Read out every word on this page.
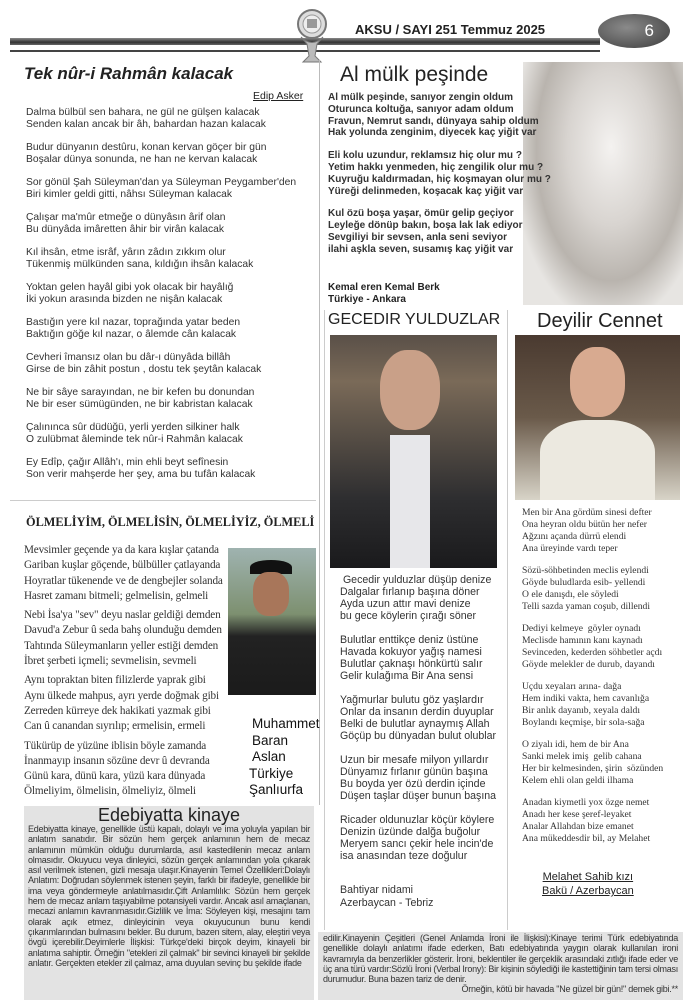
AKSU / SAYI 251 Temmuz 2025	6
Tek nûr-i Rahmân kalacak
Edip Asker
Dalma bülbül sen bahara, ne gül ne gülşen kalacak
Senden kalan ancak bir âh, bahardan hazan kalacak
Budur dünyanın destûru, konan kervan göçer bir gün
Boşalar dünya sonunda, ne han ne kervan kalacak
Sor gönül Şah Süleyman'dan ya Süleyman Peygamber'den
Biri kimler geldi gitti, nâhsı Süleyman kalacak
Çalışar ma'mûr etmeğe o dünyâsın ârif olan
Bu dünyâda imâretten âhir bir virân kalacak
Kıl ihsân, etme isrâf, yârın zâdın zıkkım olur
Tükenmiş mülkünden sana, kıldığın ihsân kalacak
Yoktan gelen hayâl gibi yok olacak bir hayâlığ
İki yokun arasında bizden ne nişân kalacak
Bastığın yere kıl nazar, toprağında yatar beden
Baktığın göğe kıl nazar, o âlemde cân kalacak
Cevheri îmansız olan bu dâr-ı dünyâda billâh
Girse de bin zâhit postun , dostu tek şeytân kalacak
Ne bir sâye sarayından, ne bir kefen bu donundan
Ne bir eser sümügünden, ne bir kabristan kalacak
Çalınınca sûr düdüğü, yerli yerden silkiner halk
O zulübmat âleminde tek nûr-i Rahmân kalacak
Ey Edîp, çağır Allâh'ı, min ehli beyt sefînesin
Son verir mahşerde her şey, ama bu tufân kalacak
Al mülk peşinde
Al mülk peşinde, sanıyor zengin oldum
Oturunca koltuğa, sanıyor adam oldum
Fravun, Nemrut sandı, dünyaya sahip oldum
Hak yolunda zenginim, diyecek kaç yiğit var
Eli kolu uzundur, reklamsız hiç olur mu ?
Yetim hakkı yenmeden, hiç zengilik olur mu ?
Kuyruğu kaldırmadan, hiç koşmayan olur mu ?
Yüreği delinmeden, koşacak kaç yiğit var
Kul özü boşa yaşar, ömür gelip geçiyor
Leyleğe dönüp bakın, boşa lak lak ediyor
Sevgiliyi bir sevsen, anla seni seviyor
ilahi aşkla seven, susamış kaç yiğit var
Kemal eren Kemal Berk
Türkiye - Ankara
GECEDIR YULDUZLAR
Gecedir yulduzlar düşüp denize
Dalgalar fırlanıp başına döner
Ayda uzun attır mavi denize
bu gece köylerin çırağı söner
Bulutlar enttikçe deniz üstüne
Havada kokuyor yağış namesi
Bulutlar çaknaşı hönkürtü salır
Gelir kulağıma Bir Ana sensi
Yağmurlar bulutu göz yaşlardır
Onlar da insanın derdin duyuplar
Belki de bulutlar aynaymış Allah
Göçüp bu dünyadan bulut olublar
Uzun bir mesafe milyon yıllardır
Dünyamız fırlanır günün başına
Bu boyda yer özü derdin içinde
Düşen taşlar düşer bunun başına
Ricader oldunuzlar köçür köylere
Denizin üzünde dalğa buğolur
Meryem sancı çekir hele incin'de
isa anasından teze doğulur
Bahtiyar nidami
Azerbaycan - Tebriz
Deyilir Cennet
Men bir Ana gördüm sinesi defter
Ona heyran oldu bütün her nefer
Ağzını açanda dürrü elendi
Ana üreyinde vardı teper
Sözü-söhbetinden meclis eylendi
Göyde buludlarda esib- yellendi
O ele danışdı, ele söyledi
Telli sazda yaman coşub, dillendi
Dediyi kelmeye  göyler oynadı
Meclisde hamının kanı kaynadı
Sevinceden, kederden söhbetler açdı
Göyde melekler de durub, dayandı
Uçdu xeyaları arına- dağa
Hem indiki vakta, hem cavanlığa
Bir anlık dayanıb, xeyala daldı
Boylandı keçmişe, bir sola-sağa
O ziyalı idi, hem de bir Ana
Sanki melek imiş  gelib cahana
Her bir kelmesinden, şirin  sözünden
Kelem ehli olan geldi ilhama
Anadan kiymetli yox özge nemet
Anadı her kese şeref-leyaket
Analar Allahdan bize emanet
Ana mükeddesdir bil, ay Melahet
Melahet Sahib kızı
Bakü / Azerbaycan
ÖLMELİYİM, ÖLMELİSİN, ÖLMELİYİZ, ÖLMELİ
Mevsimler geçende ya da kara kışlar çatanda
Gariban kuşlar göçende, bülbüller çatlayanda
Hoyratlar tükenende ve de dengbejler solanda
Hasret zamanı bitmeli; gelmelisin, gelmeli
Nebi İsa'ya "sev" deyu naslar geldiği demden
Davud'a Zebur û seda bahş olunduğu demden
Tahtında Süleymanların yeller estiği demden
İbret şerbeti içmeli; sevmelisin, sevmeli
Aynı topraktan biten filizlerde yaprak gibi
Aynı ülkede mahpus, ayrı yerde doğmak gibi
Zerreden kürreye dek hakikati yazmak gibi
Can û canandan sıyrılıp; ermelisin, ermeli
Tükürüp de yüzüne iblisin böyle zamanda
İnanmayıp insanın sözüne devr û devranda
Günü kara, dünü kara, yüzü kara dünyada
Ölmeliyim, ölmelisin, ölmeliyiz, ölmeli
Muhammet
Baran
Aslan
Türkiye
Şanlıurfa
Edebiyatta kinaye
Edebiyatta kinaye, genellikle üstü kapalı, dolaylı ve ima yoluyla yapılan bir anlatım sanatıdır. Bir sözün hem gerçek anlamının hem de mecaz anlamının mümkün olduğu durumlarda, asıl kastedilenin mecaz anlam olmasıdır. Okuyucu veya dinleyici, sözün gerçek anlamından yola çıkarak asıl verilmek istenen, gizli mesaja ulaşır.Kinayenin Temel Özellikleri:Dolaylı Anlatım: Doğrudan söylenmek istenen şeyin, farklı bir ifadeyle, genellikle bir ima veya göndermeyle anlatılmasıdır.Çift Anlamlılık: Sözün hem gerçek hem de mecaz anlam taşıyabilme potansiyeli vardır. Ancak asıl amaçlanan, mecazi anlamın kavranmasıdır.Gizlilik ve İma: Söyleyen kişi, mesajını tam olarak açık etmez, dinleyicinin veya okuyucunun bunu kendi çıkarımlarından bulmasını bekler. Bu durum, bazen sitem, alay, eleştiri veya övgü içerebilir.Deyimlerle İlişkisi: Türkçe'deki birçok deyim, kinayeli bir anlatıma sahiptir. Örneğin "etekleri zil çalmak" bir sevinci kinayeli bir şekilde anlatır. Gerçekten etekler zil çalmaz, ama duyulan sevinç bu şekilde ifade
edilir.Kinayenin Çeşitleri (Genel Anlamda İroni ile İlişkisi):Kinaye terimi Türk edebiyatında genellikle dolaylı anlatımı ifade ederken, Batı edebiyatında yaygın olarak kullanılan ironi kavramıyla da benzerlikler gösterir. İroni, beklentiler ile gerçeklik arasındaki zıtlığı ifade eder ve üç ana türü vardır:Sözlü İroni (Verbal Irony): Bir kişinin söylediği ile kastettiğinin tam tersi olması durumudur. Buna bazen tariz de denir.
Örneğin, kötü bir havada "Ne güzel bir gün!" demek gibi.**
